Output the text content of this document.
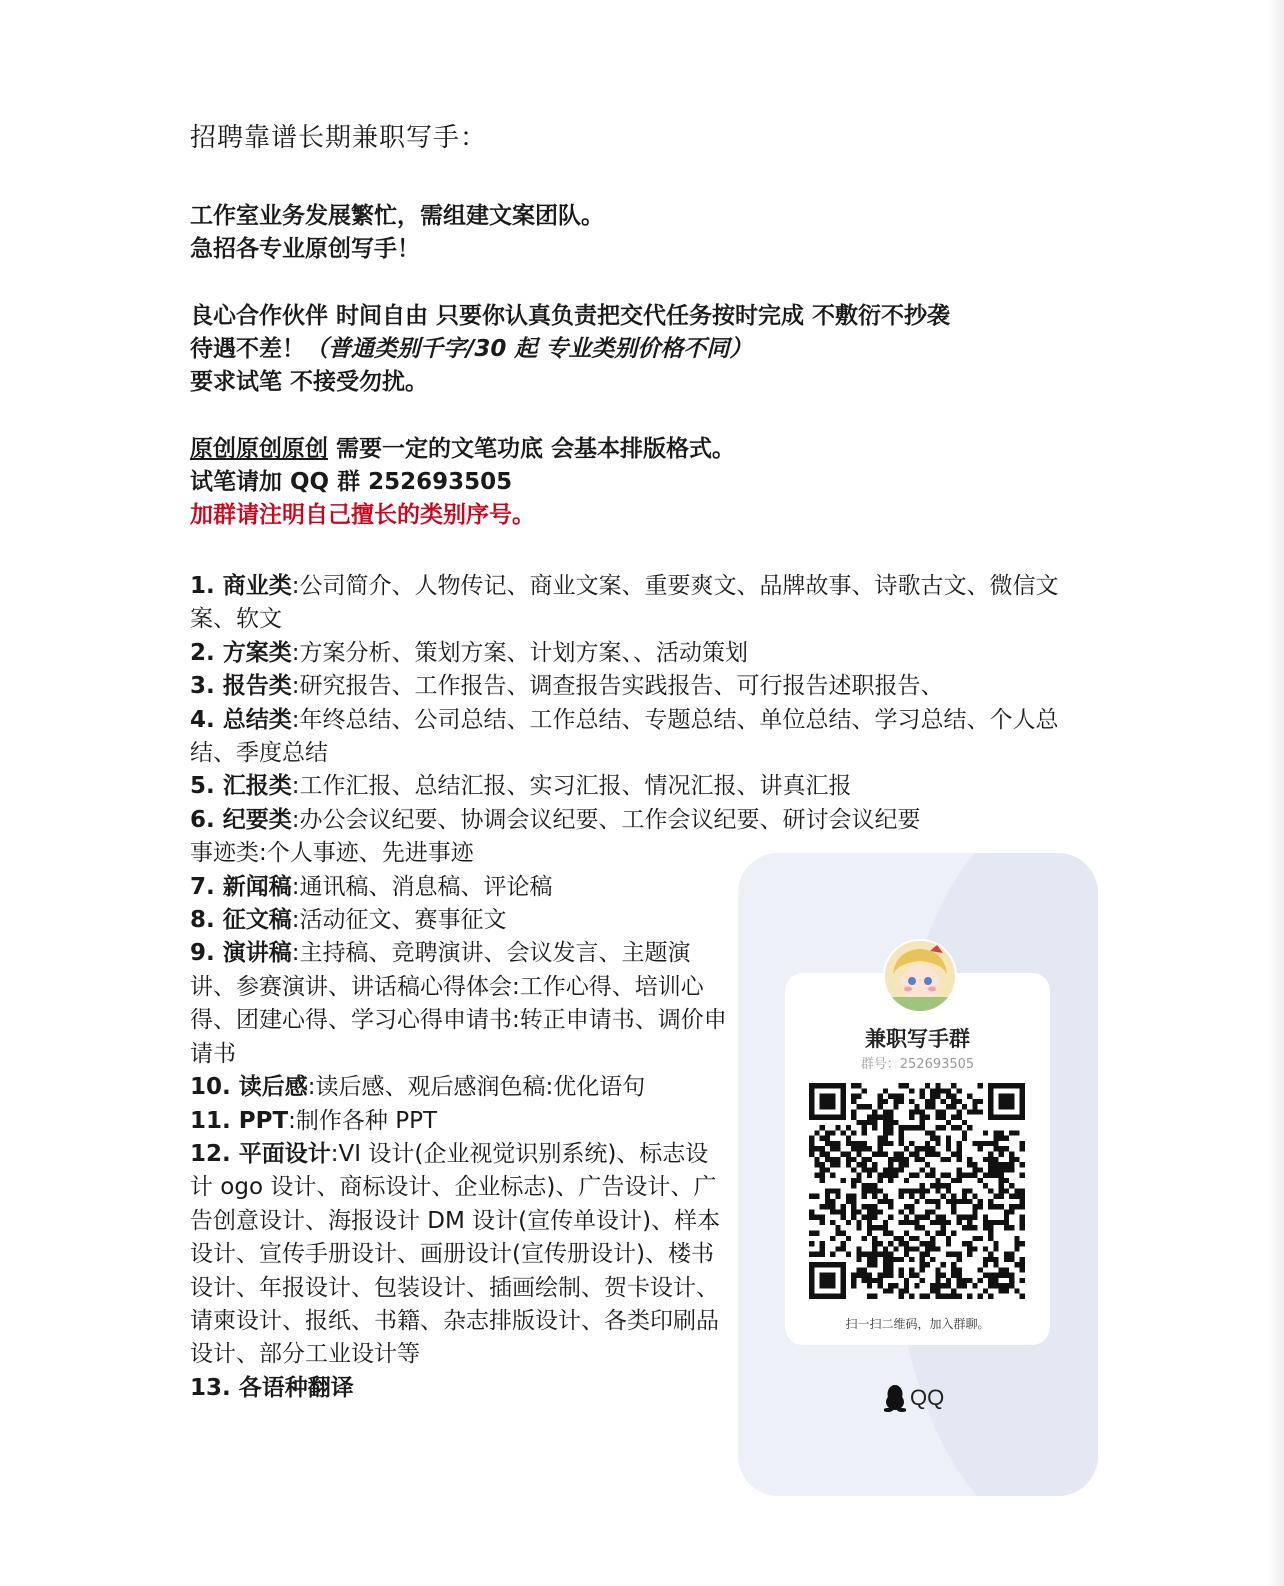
招聘靠谱长期兼职写手：
工作室业务发展繁忙，需组建文案团队。
急招各专业原创写手！
良心合作伙伴 时间自由 只要你认真负责把交代任务按时完成 不敷衍不抄袭
待遇不差！（普通类别千字/30 起 专业类别价格不同）
要求试笔 不接受勿扰。
原创原创原创 需要一定的文笔功底 会基本排版格式。
试笔请加 QQ 群 252693505
加群请注明自己擅长的类别序号。
1. 商业类:公司简介、人物传记、商业文案、重要爽文、品牌故事、诗歌古文、微信文案、软文
2. 方案类:方案分析、策划方案、计划方案、、活动策划
3. 报告类:研究报告、工作报告、调查报告实践报告、可行报告述职报告、
4. 总结类:年终总结、公司总结、工作总结、专题总结、单位总结、学习总结、个人总结、季度总结
5. 汇报类:工作汇报、总结汇报、实习汇报、情况汇报、讲真汇报
6. 纪要类:办公会议纪要、协调会议纪要、工作会议纪要、研讨会议纪要
事迹类:个人事迹、先进事迹
7. 新闻稿:通讯稿、消息稿、评论稿
8. 征文稿:活动征文、赛事征文
9. 演讲稿:主持稿、竞聘演讲、会议发言、主题演讲、参赛演讲、讲话稿心得体会:工作心得、培训心得、团建心得、学习心得申请书:转正申请书、调价申请书
10. 读后感:读后感、观后感润色稿:优化语句
11. PPT:制作各种 PPT
12. 平面设计:VI 设计(企业视觉识别系统)、标志设计 ogo 设计、商标设计、企业标志)、广告设计、广告创意设计、海报设计 DM 设计(宣传单设计)、样本设计、宣传手册设计、画册设计(宣传册设计)、楼书设计、年报设计、包装设计、插画绘制、贺卡设计、请柬设计、报纸、书籍、杂志排版设计、各类印刷品设计、部分工业设计等
13. 各语种翻译
兼职写手群
群号：252693505
扫一扫二维码，加入群聊。
QQ
